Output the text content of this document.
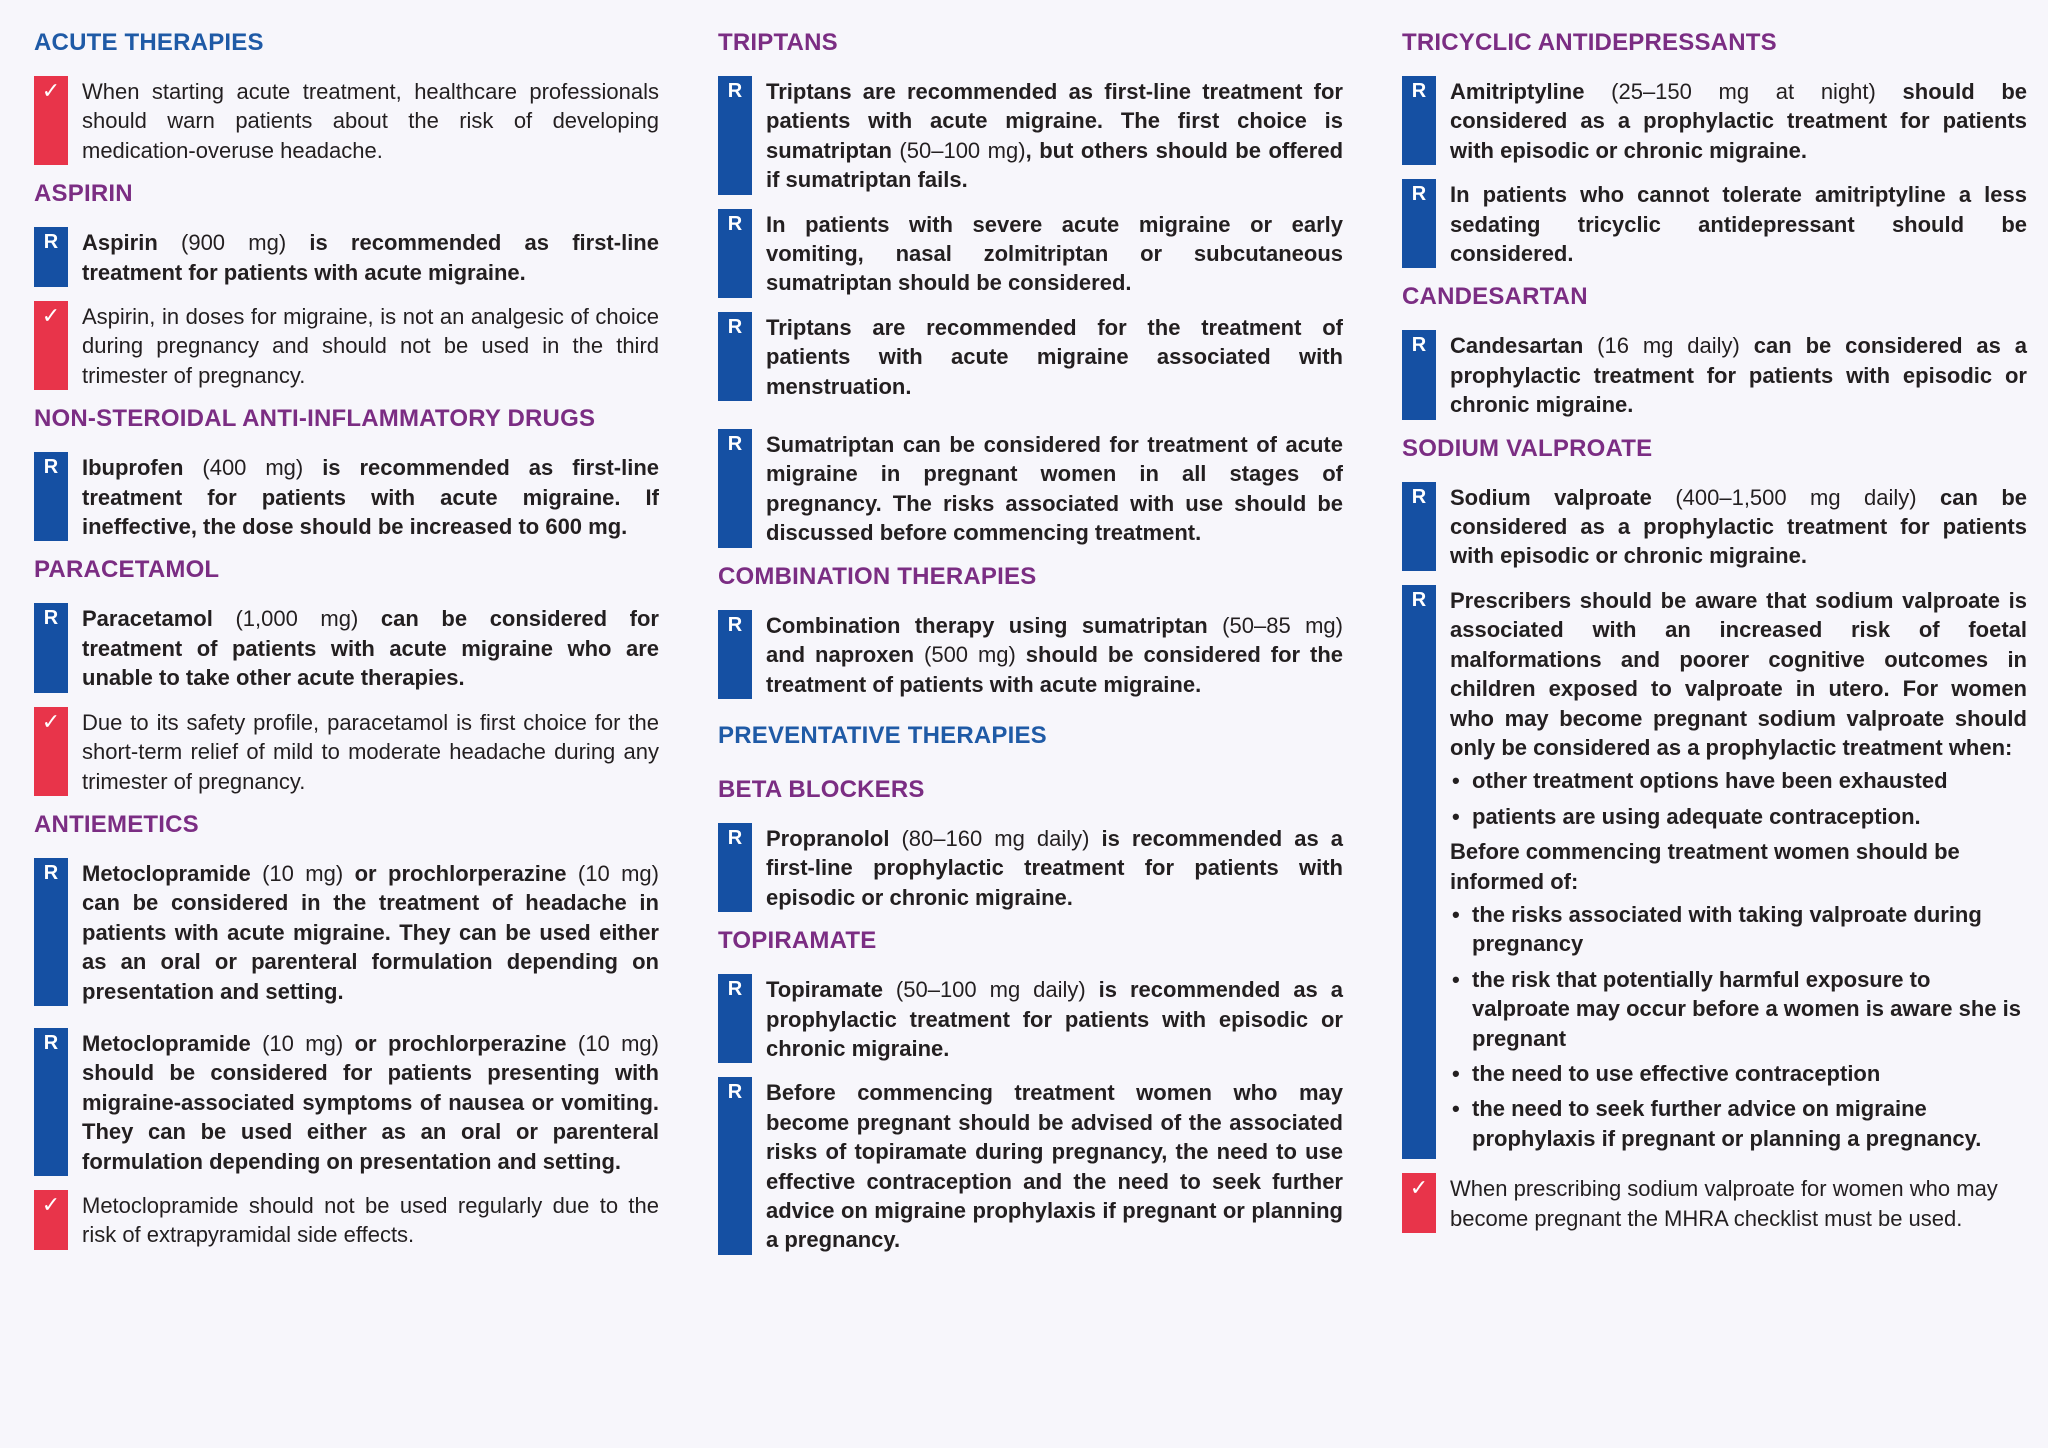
ACUTE THERAPIES
✓ When starting acute treatment, healthcare professionals should warn patients about the risk of developing medication-overuse headache.
ASPIRIN
R	Aspirin (900 mg) is recommended as first-line treatment for patients with acute migraine.
✓ Aspirin, in doses for migraine, is not an analgesic of choice during pregnancy and should not be used in the third trimester of pregnancy.
NON-STEROIDAL ANTI-INFLAMMATORY DRUGS
R	Ibuprofen (400 mg) is recommended as first-line treatment for patients with acute migraine. If ineffective, the dose should be increased to 600 mg.
PARACETAMOL
R	Paracetamol (1,000 mg) can be considered for treatment of patients with acute migraine who are unable to take other acute therapies.
✓ Due to its safety profile, paracetamol is first choice for the short-term relief of mild to moderate headache during any trimester of pregnancy.
ANTIEMETICS
R	Metoclopramide (10 mg) or prochlorperazine (10 mg) can be considered in the treatment of headache in patients with acute migraine. They can be used either as an oral or parenteral formulation depending on presentation and setting.
R	Metoclopramide (10 mg) or prochlorperazine (10 mg) should be considered for patients presenting with migraine-associated symptoms of nausea or vomiting. They can be used either as an oral or parenteral formulation depending on presentation and setting.
✓ Metoclopramide should not be used regularly due to the risk of extrapyramidal side effects.
TRIPTANS
R	Triptans are recommended as first-line treatment for patients with acute migraine. The first choice is sumatriptan (50–100 mg), but others should be offered if sumatriptan fails.
R	In patients with severe acute migraine or early vomiting, nasal zolmitriptan or subcutaneous sumatriptan should be considered.
R	Triptans are recommended for the treatment of patients with acute migraine associated with menstruation.
R	Sumatriptan can be considered for treatment of acute migraine in pregnant women in all stages of pregnancy. The risks associated with use should be discussed before commencing treatment.
COMBINATION THERAPIES
R	Combination therapy using sumatriptan (50–85 mg) and naproxen (500 mg) should be considered for the treatment of patients with acute migraine.
PREVENTATIVE THERAPIES
BETA BLOCKERS
R	Propranolol (80–160 mg daily) is recommended as a first-line prophylactic treatment for patients with episodic or chronic migraine.
TOPIRAMATE
R	Topiramate (50–100 mg daily) is recommended as a prophylactic treatment for patients with episodic or chronic migraine.
R	Before commencing treatment women who may become pregnant should be advised of the associated risks of topiramate during pregnancy, the need to use effective contraception and the need to seek further advice on migraine prophylaxis if pregnant or planning a pregnancy.
TRICYCLIC ANTIDEPRESSANTS
R	Amitriptyline (25–150 mg at night) should be considered as a prophylactic treatment for patients with episodic or chronic migraine.
R	In patients who cannot tolerate amitriptyline a less sedating tricyclic antidepressant should be considered.
CANDESARTAN
R	Candesartan (16 mg daily) can be considered as a prophylactic treatment for patients with episodic or chronic migraine.
SODIUM VALPROATE
R	Sodium valproate (400–1,500 mg daily) can be considered as a prophylactic treatment for patients with episodic or chronic migraine.
R	Prescribers should be aware that sodium valproate is associated with an increased risk of foetal malformations and poorer cognitive outcomes in children exposed to valproate in utero. For women who may become pregnant sodium valproate should only be considered as a prophylactic treatment when:
• other treatment options have been exhausted
• patients are using adequate contraception.
Before commencing treatment women should be informed of:
• the risks associated with taking valproate during pregnancy
• the risk that potentially harmful exposure to valproate may occur before a women is aware she is pregnant
• the need to use effective contraception
• the need to seek further advice on migraine prophylaxis if pregnant or planning a pregnancy.
✓ When prescribing sodium valproate for women who may become pregnant the MHRA checklist must be used.
